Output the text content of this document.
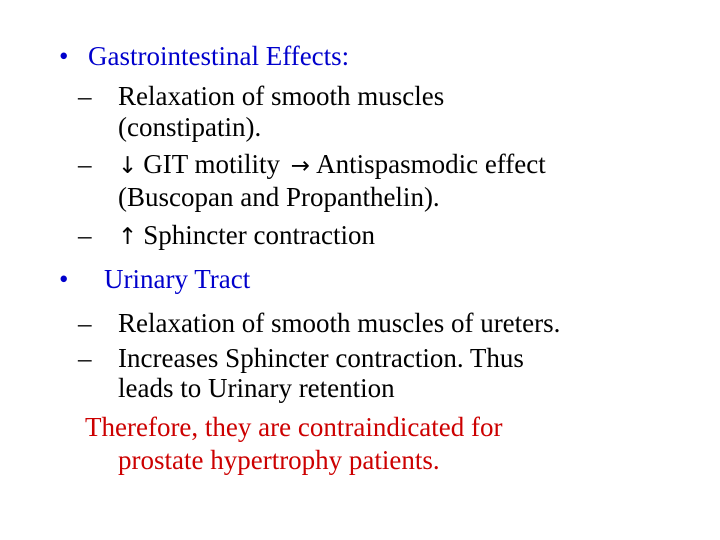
• Gastrointestinal Effects:
– Relaxation of smooth muscles
(constipatin).
– ↓ GIT motility → Antispasmodic effect
(Buscopan and Propanthelin).
– ↑ Sphincter contraction
• Urinary Tract
– Relaxation of smooth muscles of ureters.
– Increases Sphincter contraction. Thus
leads to Urinary retention
Therefore, they are contraindicated for
prostate hypertrophy patients.
